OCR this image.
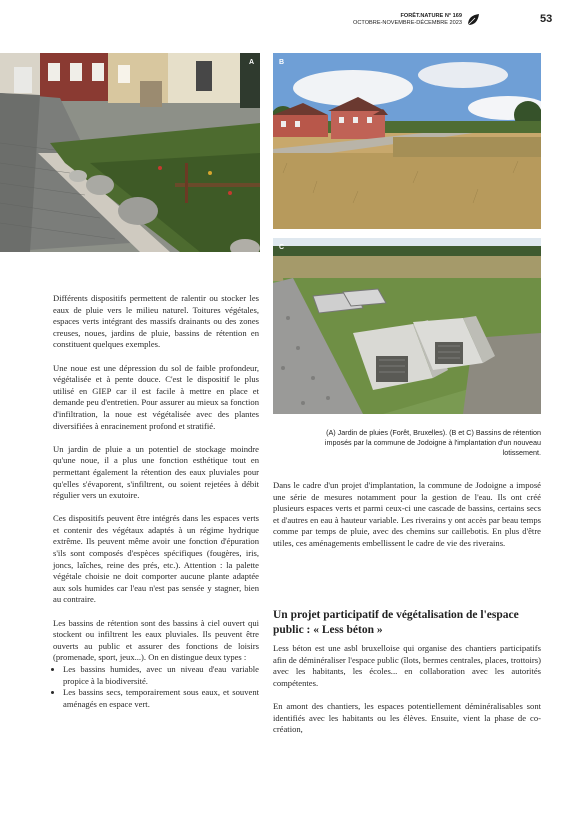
FORÊT.NATURE N° 169
OCTOBRE-NOVEMBRE-DÉCEMBRE 2023	53
A	B
C
(A) Jardin de pluies (Forêt, Bruxelles). (B et C) Bassins de rétention imposés par la commune de Jodoigne à l'implantation d'un nouveau lotissement.

Différents dispositifs permettent de ralentir ou stocker les eaux de pluie vers le milieu naturel. Toitures végétales, espaces verts intégrant des massifs drainants ou des zones creuses, noues, jardins de pluie, bassins de rétention en constituent quelques exemples.

Une noue est une dépression du sol de faible profondeur, végétalisée et à pente douce. C'est le dispositif le plus utilisé en GIEP car il est facile à mettre en place et demande peu d'entretien. Pour assurer au mieux sa fonction d'infiltration, la noue est végétalisée avec des plantes diversifiées à enracinement profond et stratifié.

Un jardin de pluie a un potentiel de stockage moindre qu'une noue, il a plus une fonction esthétique tout en permettant également la rétention des eaux pluviales pour qu'elles s'évaporent, s'infiltrent, ou soient rejetées à débit régulier vers un exutoire.

Ces dispositifs peuvent être intégrés dans les espaces verts et contenir des végétaux adaptés à un régime hydrique extrême. Ils peuvent même avoir une fonction d'épuration s'ils sont composés d'espèces spécifiques (fougères, iris, joncs, laîches, reine des prés, etc.). Attention : la palette végétale choisie ne doit comporter aucune plante adaptée aux sols humides car l'eau n'est pas sensée y stagner, bien au contraire.

Les bassins de rétention sont des bassins à ciel ouvert qui stockent ou infiltrent les eaux pluviales. Ils peuvent être ouverts au public et assurer des fonctions de loisirs (promenade, sport, jeux...). On en distingue deux types :

• Les bassins humides, avec un niveau d'eau variable propice à la biodiversité.
• Les bassins secs, temporairement sous eaux, et souvent aménagés en espace vert.

Dans le cadre d'un projet d'implantation, la commune de Jodoigne a imposé une série de mesures notamment pour la gestion de l'eau. Ils ont créé plusieurs espaces verts et parmi ceux-ci une cascade de bassins, certains secs et d'autres en eau à hauteur variable. Les riverains y ont accès par beau temps comme par temps de pluie, avec des chemins sur caillebotis. En plus d'être utiles, ces aménagements embellissent le cadre de vie des riverains.

Un projet participatif de végétalisation de l'espace public : « Less béton »

Less béton est une asbl bruxelloise qui organise des chantiers participatifs afin de déminéraliser l'espace public (îlots, bermes centrales, places, trottoirs) avec les habitants, les écoles... en collaboration avec les autorités compétentes.

En amont des chantiers, les espaces potentiellement déminéralisables sont identifiés avec les habitants ou les élèves. Ensuite, vient la phase de co-création,
